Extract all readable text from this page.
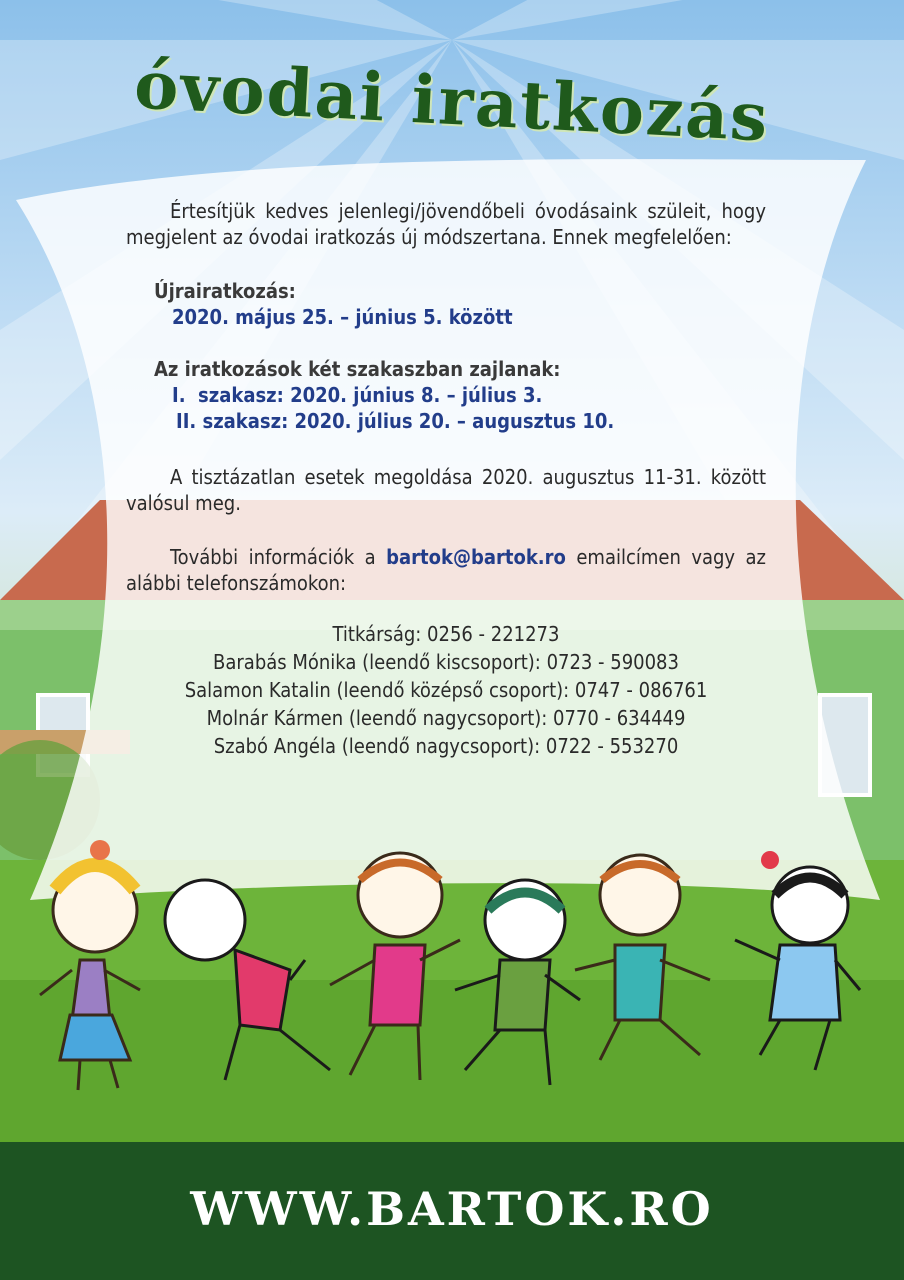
óvodai iratkozás

Értesítjük kedves jelenlegi/jövendőbeli óvodásaink szüleit, hogy megjelent az óvodai iratkozás új módszertana. Ennek megfelelően:

Újrairatkozás:
2020. május 25. – június 5. között
Az iratkozások két szakaszban zajlanak:
I.  szakasz: 2020. június 8. – július 3.
II. szakasz: 2020. július 20. – augusztus 10.

A tisztázatlan esetek megoldása 2020. augusztus 11-31. között valósul meg.

További információk a bartok@bartok.ro emailcímen vagy az alábbi telefonszámokon:

Titkárság: 0256 - 221273
Barabás Mónika (leendő kiscsoport): 0723 - 590083
Salamon Katalin (leendő középső csoport): 0747 - 086761
Molnár Kármen (leendő nagycsoport): 0770 - 634449
Szabó Angéla (leendő nagycsoport): 0722 - 553270
WWW.BARTOK.RO
